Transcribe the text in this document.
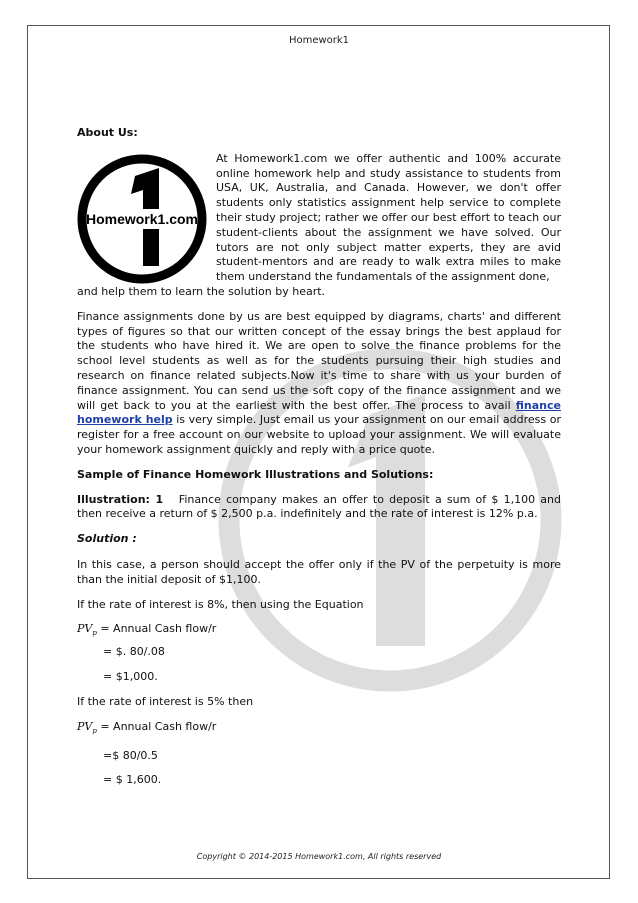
Homework1

About Us:

Homework1.com

At Homework1.com we offer authentic and 100% accurate online homework help and study assistance to students from USA, UK, Australia, and Canada. However, we don't offer students only statistics assignment help service to complete their study project; rather we offer our best effort to teach our student-clients about the assignment we have solved. Our tutors are not only subject matter experts, they are avid student-mentors and are ready to walk extra miles to make them understand the fundamentals of the assignment done,

and help them to learn the solution by heart.

Finance assignments done by us are best equipped by diagrams, charts' and different types of figures so that our written concept of the essay brings the best applaud for the students who have hired it. We are open to solve the finance problems for the school level students as well as for the students pursuing their high studies and research on finance related subjects.Now it's time to share with us your burden of finance assignment. You can send us the soft copy of the finance assignment and we will get back to you at the earliest with the best offer. The process to avail finance homework help is very simple. Just email us your assignment on our email address or register for a free account on our website to upload your assignment. We will evaluate your homework assignment quickly and reply with a price quote.

Sample of Finance Homework Illustrations and Solutions:

Illustration: 1 Finance company makes an offer to deposit a sum of $ 1,100 and then receive a return of $ 2,500 p.a. indefinitely and the rate of interest is 12% p.a.

Solution :

In this case, a person should accept the offer only if the PV of the perpetuity is more than the initial deposit of $1,100.

If the rate of interest is 8%, then using the Equation

$PV_p$ = Annual Cash flow/r

= $. 80/.08

= $1,000.

If the rate of interest is 5% then

$PV_p$ = Annual Cash flow/r

=$ 80/0.5

= $ 1,600.

Copyright © 2014-2015 Homework1.com, All rights reserved
